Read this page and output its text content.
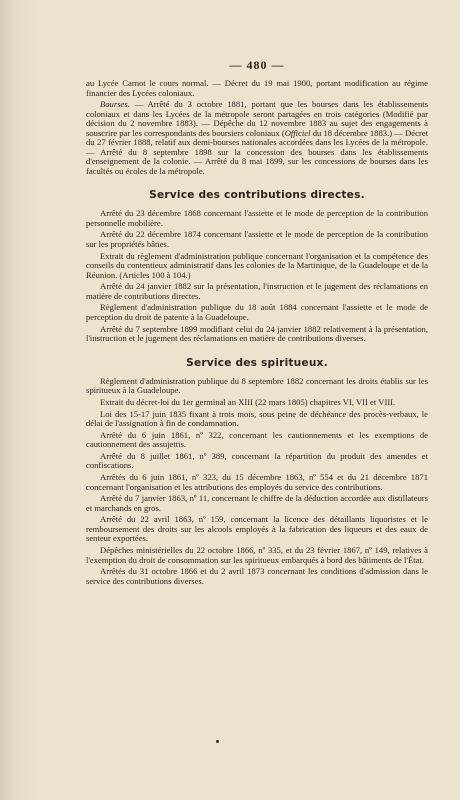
— 480 —

au Lycée Carnot le cours normal. — Décret du 19 mai 1900, portant modification au régime financier des Lycées coloniaux.

Bourses. — Arrêté du 3 octobre 1881, portant que les bourses dans les établissements coloniaux et dans les Lycées de la métropole seront partagées en trois catégories (Modifié par décision du 2 novembre 1883). — Dépêche du 12 novembre 1883 au sujet des engagements à souscrire par les correspondants des boursiers coloniaux (Officiel du 18 décembre 1883.) — Décret du 27 février 1888, relatif aux demi-bourses nationales accordées dans les Lycées de la métropole. — Arrêté du 8 septembre 1898 sur la concession des bourses dans les établissements d'enseignement de la colonie. — Arrêté du 8 mai 1899, sur les concessions de bourses dans les facultés ou écoles de la métropole.

Service des contributions directes.

Arrêté du 23 décembre 1868 concernant l'assiette et le mode de perception de la contribution personnelle mobilière.

Arrêté du 22 décembre 1874 concernant l'assiette et le mode de perception de la contribution sur les propriétés bâties.

Extrait du règlement d'administration publique concernant l'organisation et la compétence des conseils du contentieux administratif dans les colonies de la Martinique, de la Guadeloupe et de la Réunion. (Articles 100 à 104.)

Arrêté du 24 janvier 1882 sur la présentation, l'instruction et le jugement des réclamations en matière de contributions directes.

Règlement d'administration publique du 18 août 1884 concernant l'assiette et le mode de perception du droit de patente à la Guadeloupe.

Arrêté du 7 septembre 1899 modifiant celui du 24 janvier 1882 relativement à la présentation, l'instruction et le jugement des réclamations en matière de contributions diverses.

Service des spiritueux.

Règlement d'administration publique du 8 septembre 1882 concernant les droits établis sur les spiritueux à la Guadeloupe.

Extrait du décret-loi du 1er germinal an XIII (22 mars 1805) chapitres VI, VII et VIII.

Loi des 15-17 juin 1835 fixant à trois mois, sous peine de déchéance des procès-verbaux, le délai de l'assignation à fin de condamnation.

Arrêté du 6 juin 1861, nº 322, concernant les cautionnements et les exemptions de cautionnement des assujettis.

Arrêté du 8 juillet 1861, nº 389, concernant la répartition du produit des amendes et confiscations.

Arrêtés du 6 juin 1861, nº 323, du 15 décembre 1863, nº 554 et du 21 décembre 1871 concernant l'organisation et les attributions des employés du service des contributions.

Arrêté du 7 janvier 1863, nº 11, concernant le chiffre de la déduction accordée aux distillateurs et marchands en gros.

Arrêté du 22 avril 1863, nº 159, concernant la licence des détaillants liquoristes et le remboursement des droits sur les alcools employés à la fabrication des liqueurs et des eaux de senteur exportées.

Dépêches ministérielles du 22 octobre 1866, nº 335, et du 23 février 1867, nº 149, relatives à l'exemption du droit de consommation sur les spiritueux embarqués à bord des bâtiments de l'État.

Arrêtés du 31 octobre 1866 et du 2 avril 1873 concernant les conditions d'admission dans le service des contributions diverses.
